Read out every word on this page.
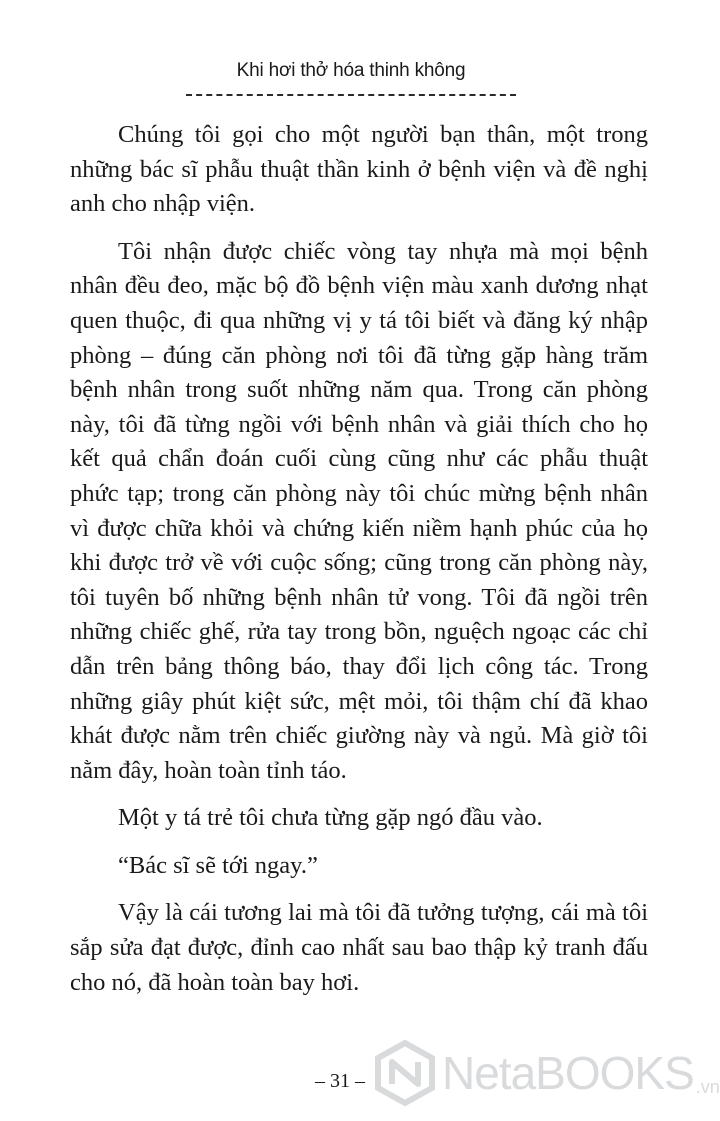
Khi hơi thở hóa thinh không

Chúng tôi gọi cho một người bạn thân, một trong những bác sĩ phẫu thuật thần kinh ở bệnh viện và đề nghị anh cho nhập viện.

Tôi nhận được chiếc vòng tay nhựa mà mọi bệnh nhân đều đeo, mặc bộ đồ bệnh viện màu xanh dương nhạt quen thuộc, đi qua những vị y tá tôi biết và đăng ký nhập phòng – đúng căn phòng nơi tôi đã từng gặp hàng trăm bệnh nhân trong suốt những năm qua. Trong căn phòng này, tôi đã từng ngồi với bệnh nhân và giải thích cho họ kết quả chẩn đoán cuối cùng cũng như các phẫu thuật phức tạp; trong căn phòng này tôi chúc mừng bệnh nhân vì được chữa khỏi và chứng kiến niềm hạnh phúc của họ khi được trở về với cuộc sống; cũng trong căn phòng này, tôi tuyên bố những bệnh nhân tử vong. Tôi đã ngồi trên những chiếc ghế, rửa tay trong bồn, nguệch ngoạc các chỉ dẫn trên bảng thông báo, thay đổi lịch công tác. Trong những giây phút kiệt sức, mệt mỏi, tôi thậm chí đã khao khát được nằm trên chiếc giường này và ngủ. Mà giờ tôi nằm đây, hoàn toàn tỉnh táo.

Một y tá trẻ tôi chưa từng gặp ngó đầu vào.

“Bác sĩ sẽ tới ngay.”

Vậy là cái tương lai mà tôi đã tưởng tượng, cái mà tôi sắp sửa đạt được, đỉnh cao nhất sau bao thập kỷ tranh đấu cho nó, đã hoàn toàn bay hơi.

– 31 –	NetaBOOKS .vn
